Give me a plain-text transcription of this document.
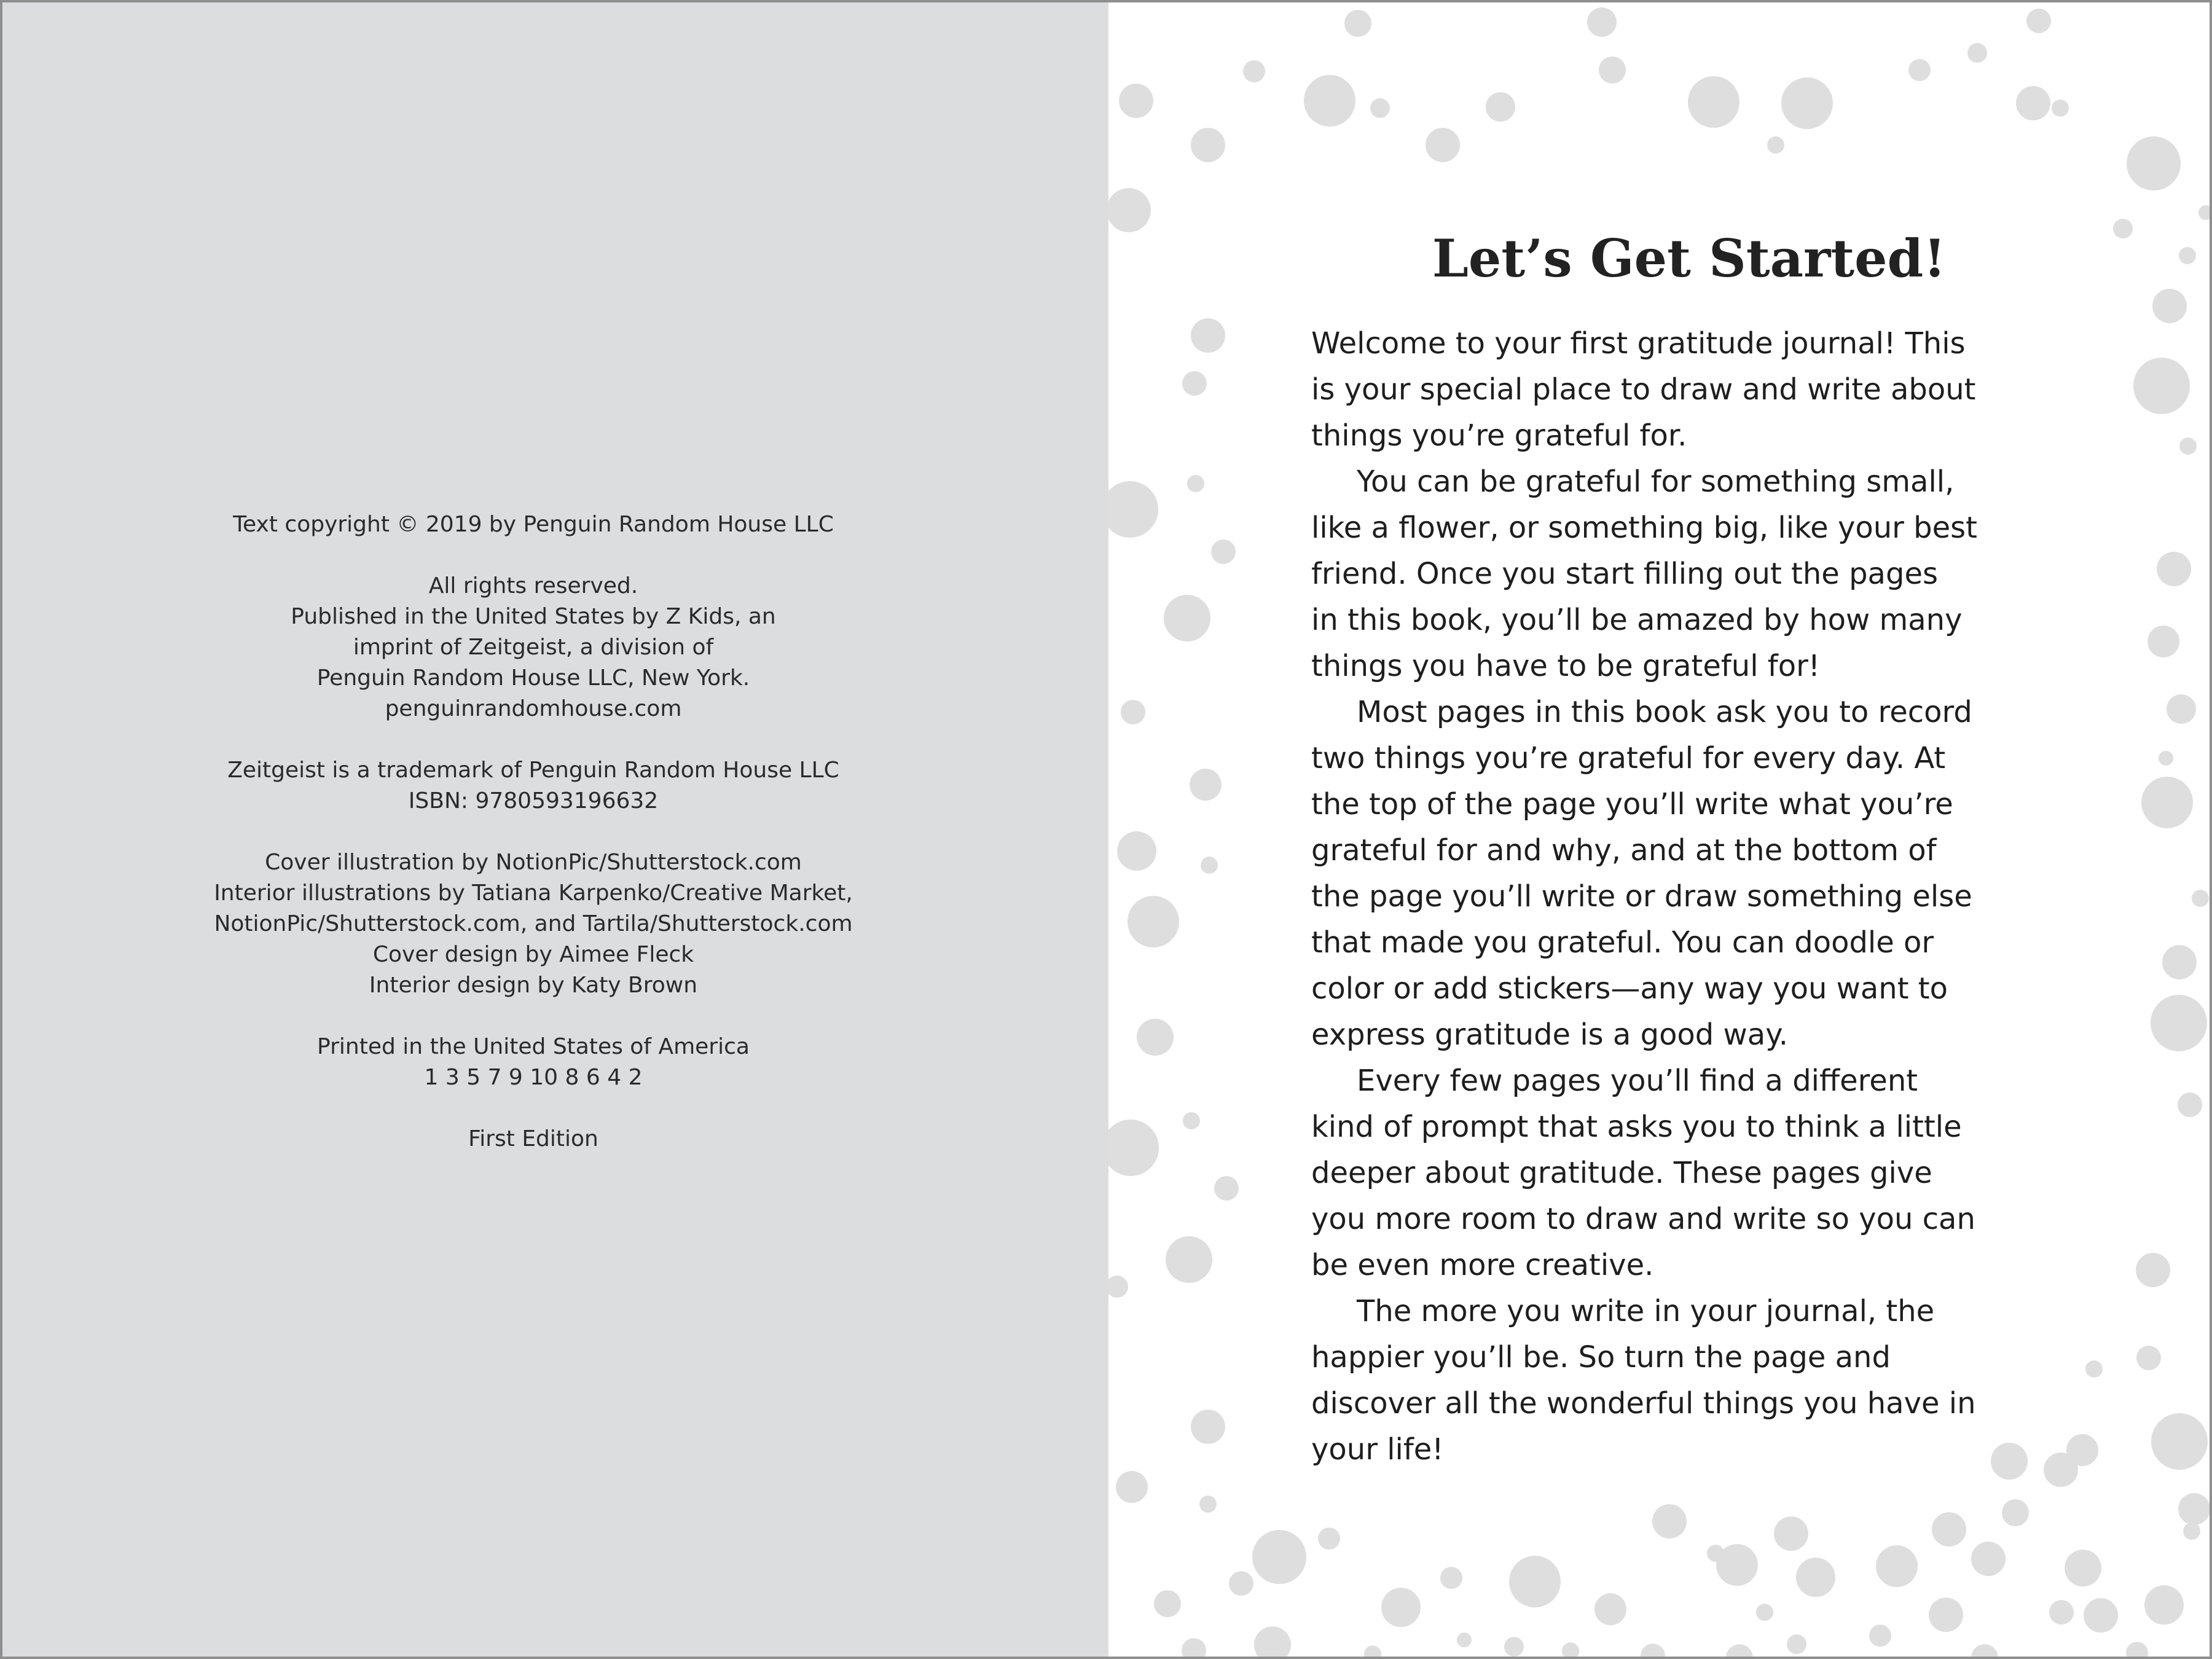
Text copyright © 2019 by Penguin Random House LLC
All rights reserved.
Published in the United States by Z Kids, an
imprint of Zeitgeist, a division of
Penguin Random House LLC, New York.
penguinrandomhouse.com
Zeitgeist is a trademark of Penguin Random House LLC
ISBN: 9780593196632
Cover illustration by NotionPic/Shutterstock.com
Interior illustrations by Tatiana Karpenko/Creative Market,
NotionPic/Shutterstock.com, and Tartila/Shutterstock.com
Cover design by Aimee Fleck
Interior design by Katy Brown
Printed in the United States of America
1 3 5 7 9 10 8 6 4 2
First Edition
Let’s Get Started!

Welcome to your first gratitude journal! This
is your special place to draw and write about
things you’re grateful for.

You can be grateful for something small,
like a flower, or something big, like your best
friend. Once you start filling out the pages
in this book, you’ll be amazed by how many
things you have to be grateful for!

Most pages in this book ask you to record
two things you’re grateful for every day. At
the top of the page you’ll write what you’re
grateful for and why, and at the bottom of
the page you’ll write or draw something else
that made you grateful. You can doodle or
color or add stickers—any way you want to
express gratitude is a good way.

Every few pages you’ll find a different
kind of prompt that asks you to think a little
deeper about gratitude. These pages give
you more room to draw and write so you can
be even more creative.

The more you write in your journal, the
happier you’ll be. So turn the page and
discover all the wonderful things you have in
your life!
